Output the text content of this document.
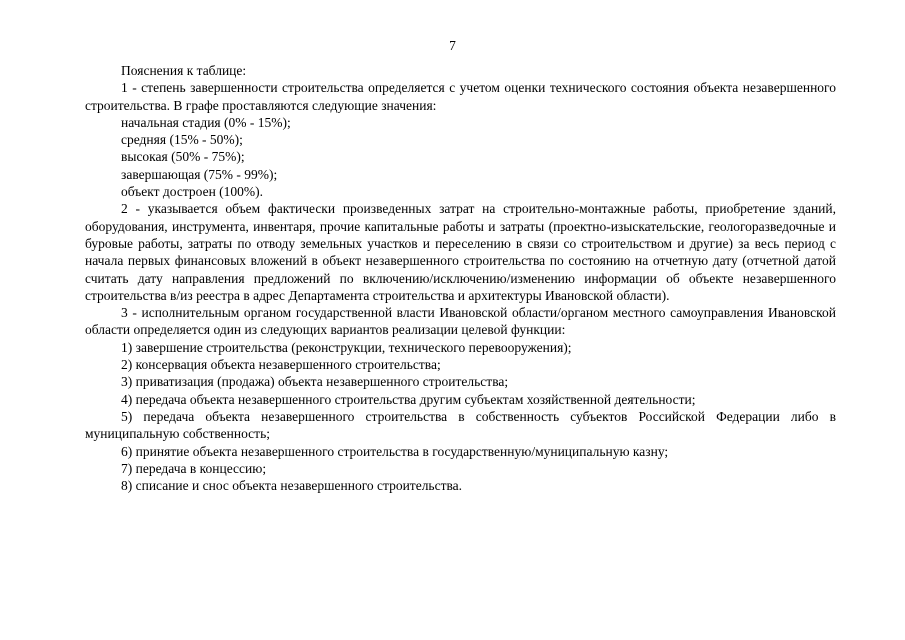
7

Пояснения к таблице:

1 - степень завершенности строительства определяется с учетом оценки технического состояния объекта незавершенного строительства. В графе проставляются следующие значения:

начальная стадия (0% - 15%);

средняя (15% - 50%);

высокая (50% - 75%);

завершающая (75% - 99%);

объект достроен (100%).

2 - указывается объем фактически произведенных затрат на строительно-монтажные работы, приобретение зданий, оборудования, инструмента, инвентаря, прочие капитальные работы и затраты (проектно-изыскательские, геологоразведочные и буровые работы, затраты по отводу земельных участков и переселению в связи со строительством и другие) за весь период с начала первых финансовых вложений в объект незавершенного строительства по состоянию на отчетную дату (отчетной датой считать дату направления предложений по включению/исключению/изменению информации об объекте незавершенного строительства в/из реестра в адрес Департамента строительства и архитектуры Ивановской области).

3 - исполнительным органом государственной власти Ивановской области/органом местного самоуправления Ивановской области определяется один из следующих вариантов реализации целевой функции:

1) завершение строительства (реконструкции, технического перевооружения);

2) консервация объекта незавершенного строительства;

3) приватизация (продажа) объекта незавершенного строительства;

4) передача объекта незавершенного строительства другим субъектам хозяйственной деятельности;

5) передача объекта незавершенного строительства в собственность субъектов Российской Федерации либо в муниципальную собственность;

6) принятие объекта незавершенного строительства в государственную/муниципальную казну;

7) передача в концессию;

8) списание и снос объекта незавершенного строительства.
